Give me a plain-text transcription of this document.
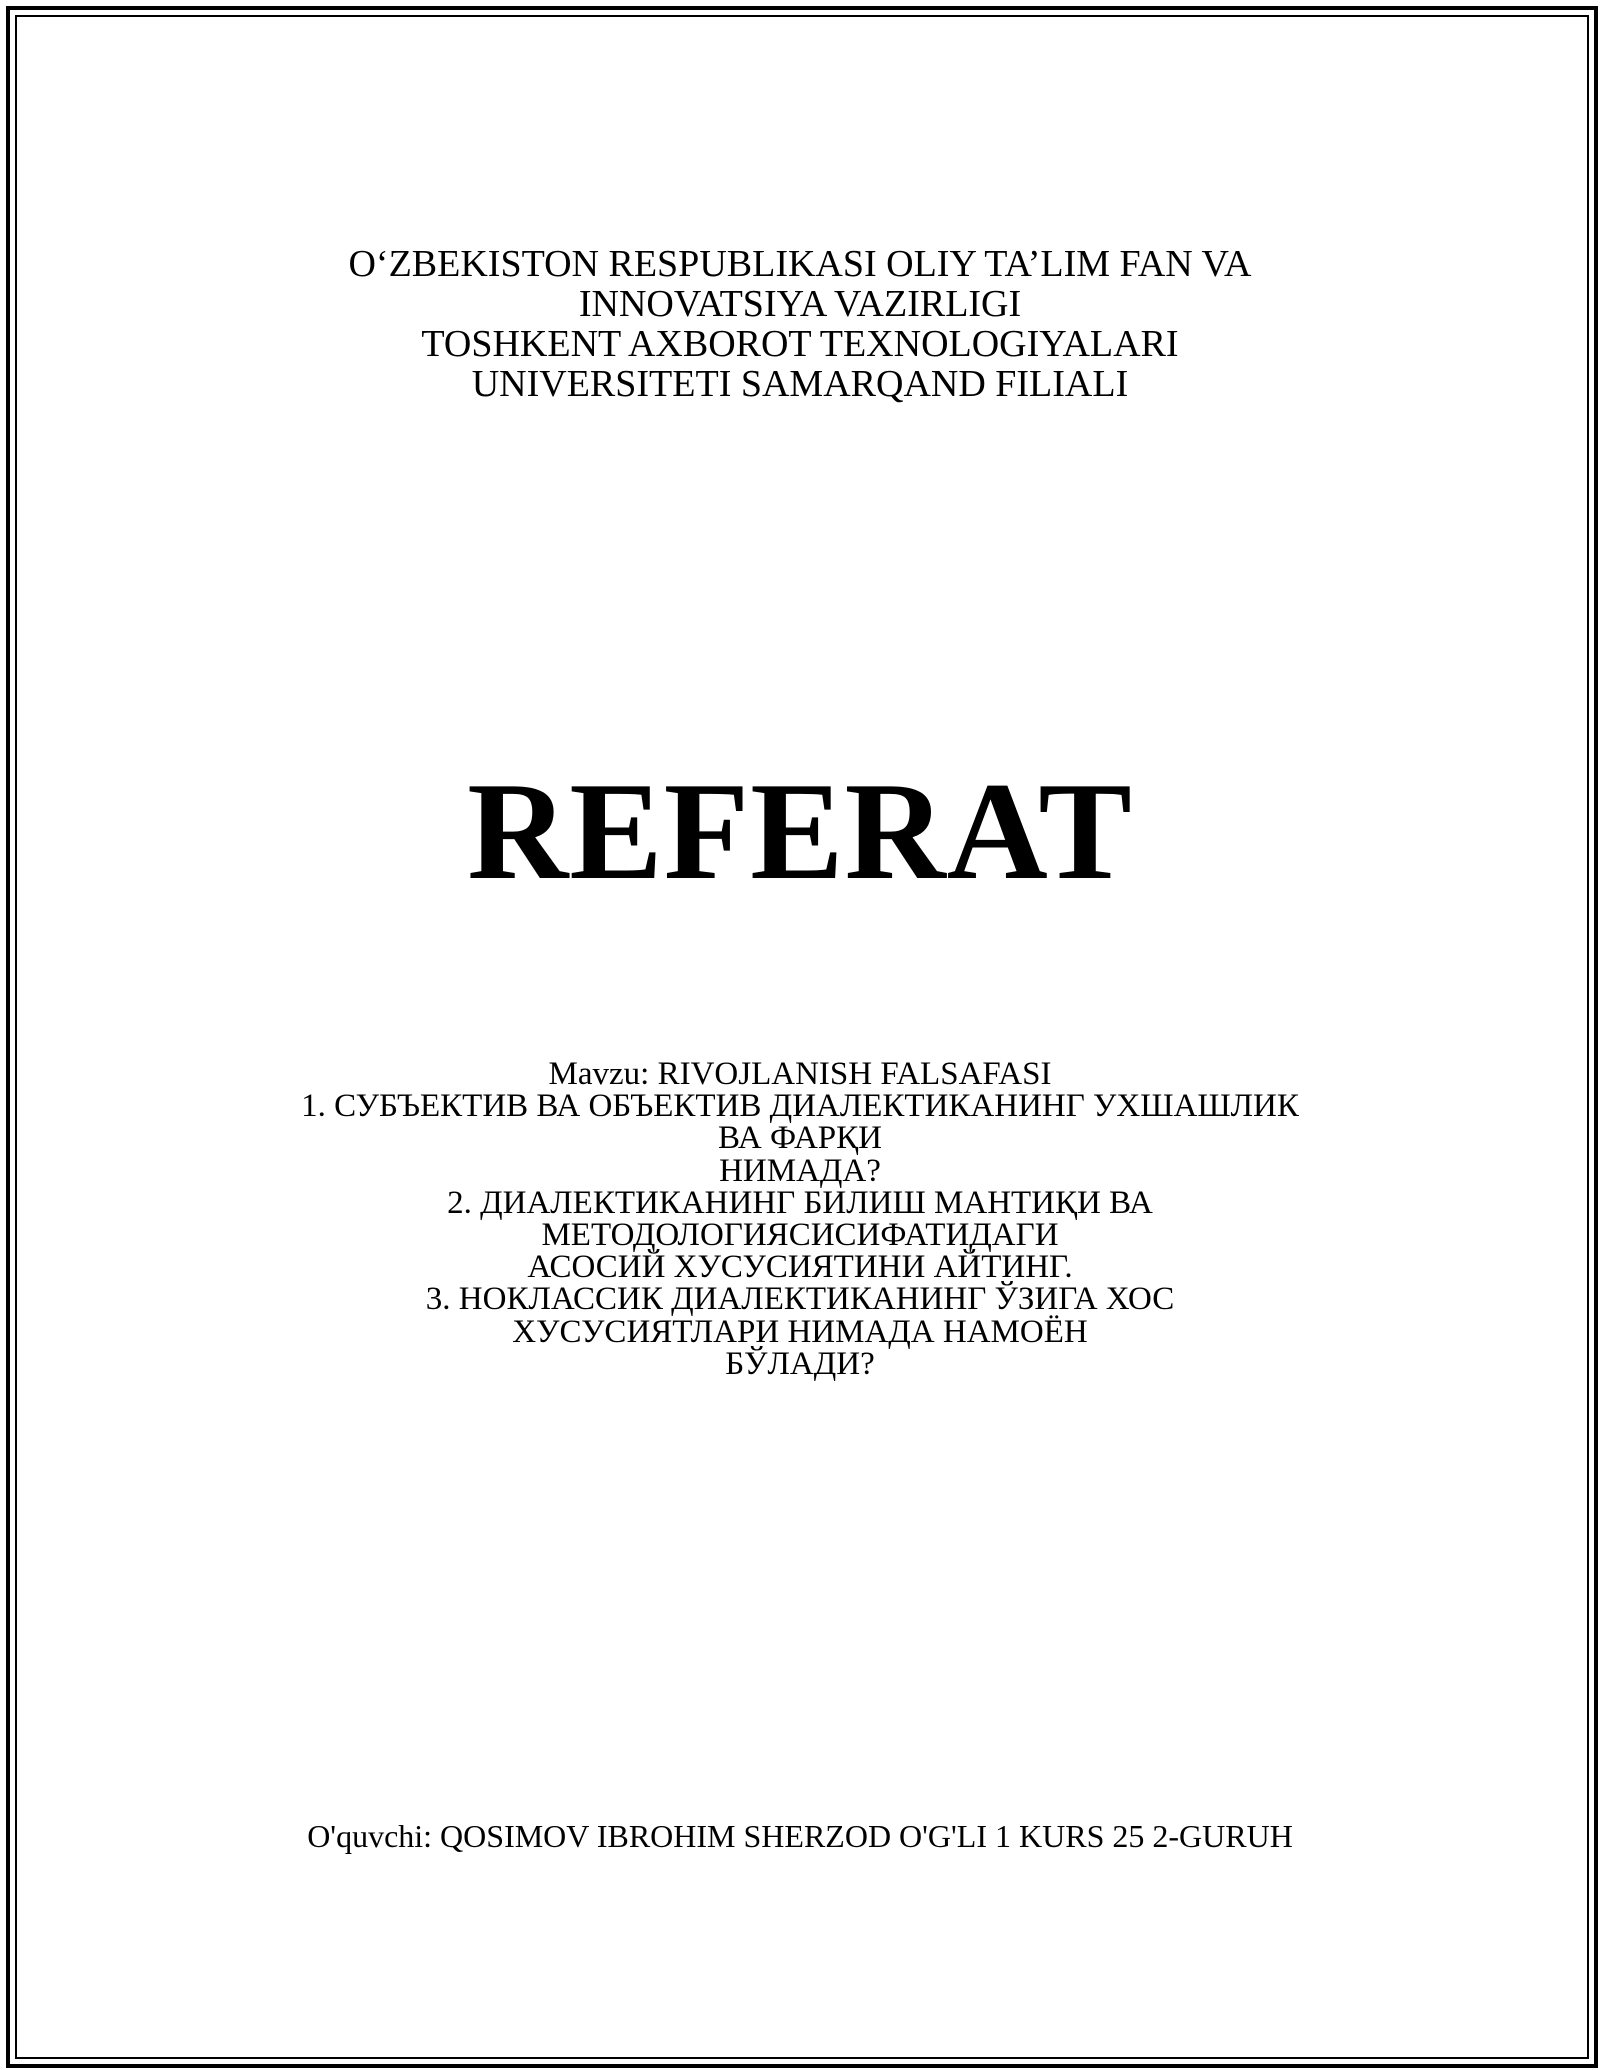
O‘ZBEKISTON RESPUBLIKASI OLIY TA’LIM FAN VA
INNOVATSIYA VAZIRLIGI
TOSHKENT AXBOROT TEXNOLOGIYALARI
UNIVERSITETI SAMARQAND FILIALI
REFERAT
Mavzu: RIVOJLANISH FALSAFASI
1. СУБЪЕКТИВ ВА ОБЪЕКТИВ ДИАЛЕКТИКАНИНГ УХШАШЛИК
ВА ФАРҚИ
НИМАДА?
2. ДИАЛЕКТИКАНИНГ БИЛИШ МАНТИҚИ ВА
МЕТОДОЛОГИЯСИСИФАТИДАГИ
АСОСИЙ ХУСУСИЯТИНИ АЙТИНГ.
3. НОКЛАССИК ДИАЛЕКТИКАНИНГ ЎЗИГА ХОС
ХУСУСИЯТЛАРИ НИМАДА НАМОЁН
БЎЛАДИ?
O'quvchi: QOSIMOV IBROHIM SHERZOD O'G'LI 1 KURS 25 2-GURUH
